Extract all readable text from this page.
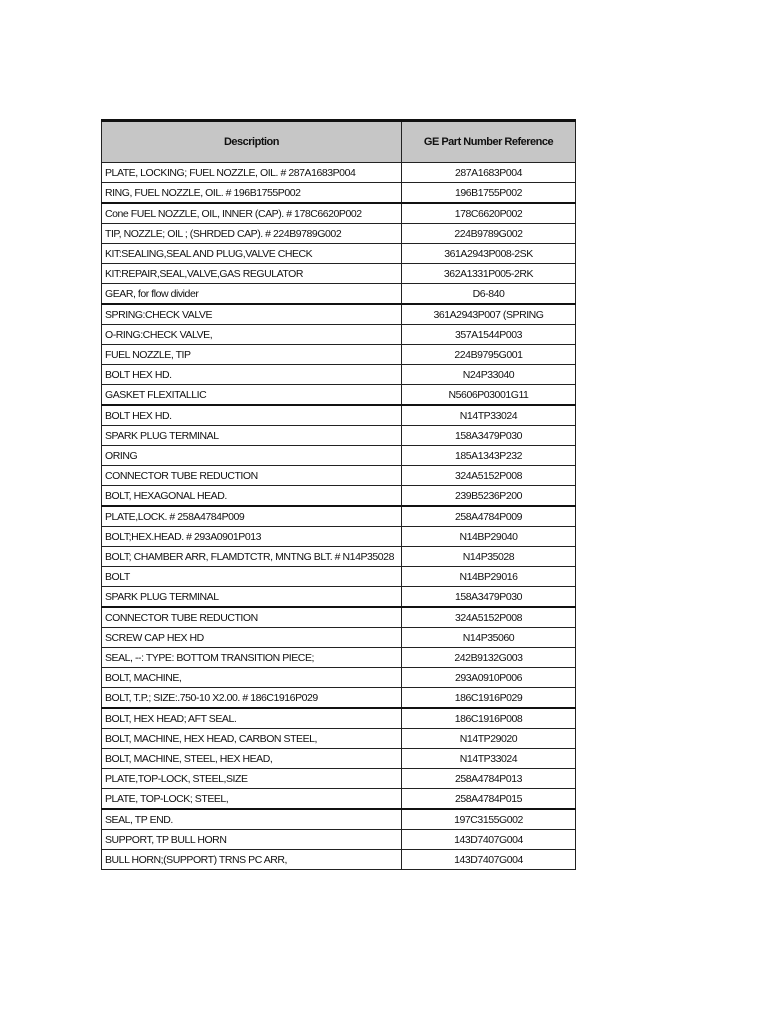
Description	GE Part Number Reference
PLATE, LOCKING; FUEL NOZZLE, OIL. # 287A1683P004	287A1683P004
RING, FUEL NOZZLE, OIL. # 196B1755P002	196B1755P002
Cone FUEL NOZZLE, OIL, INNER (CAP). # 178C6620P002	178C6620P002
TIP, NOZZLE; OIL ; (SHRDED CAP). # 224B9789G002	224B9789G002
KIT:SEALING,SEAL AND PLUG,VALVE CHECK	361A2943P008-2SK
KIT:REPAIR,SEAL,VALVE,GAS REGULATOR	362A1331P005-2RK
GEAR, for flow divider	D6-840
SPRING:CHECK VALVE	361A2943P007 (SPRING
O-RING:CHECK VALVE,	357A1544P003
FUEL NOZZLE, TIP	224B9795G001
BOLT HEX HD.	N24P33040
GASKET FLEXITALLIC	N5606P03001G11
BOLT HEX HD.	N14TP33024
SPARK PLUG TERMINAL	158A3479P030
ORING	185A1343P232
CONNECTOR TUBE REDUCTION	324A5152P008
BOLT, HEXAGONAL HEAD.	239B5236P200
PLATE,LOCK. # 258A4784P009	258A4784P009
BOLT;HEX.HEAD. # 293A0901P013	N14BP29040
BOLT; CHAMBER ARR, FLAMDTCTR, MNTNG BLT. # N14P35028	N14P35028
BOLT	N14BP29016
SPARK PLUG TERMINAL	158A3479P030
CONNECTOR TUBE REDUCTION	324A5152P008
SCREW CAP HEX HD	N14P35060
SEAL, --: TYPE: BOTTOM TRANSITION PIECE;	242B9132G003
BOLT, MACHINE,	293A0910P006
BOLT, T.P.; SIZE:.750-10 X2.00. # 186C1916P029	186C1916P029
BOLT, HEX HEAD; AFT SEAL.	186C1916P008
BOLT, MACHINE, HEX HEAD, CARBON STEEL,	N14TP29020
BOLT, MACHINE, STEEL, HEX HEAD,	N14TP33024
PLATE,TOP-LOCK, STEEL,SIZE	258A4784P013
PLATE, TOP-LOCK; STEEL,	258A4784P015
SEAL, TP END.	197C3155G002
SUPPORT, TP BULL HORN	143D7407G004
BULL HORN;(SUPPORT) TRNS PC ARR,	143D7407G004
